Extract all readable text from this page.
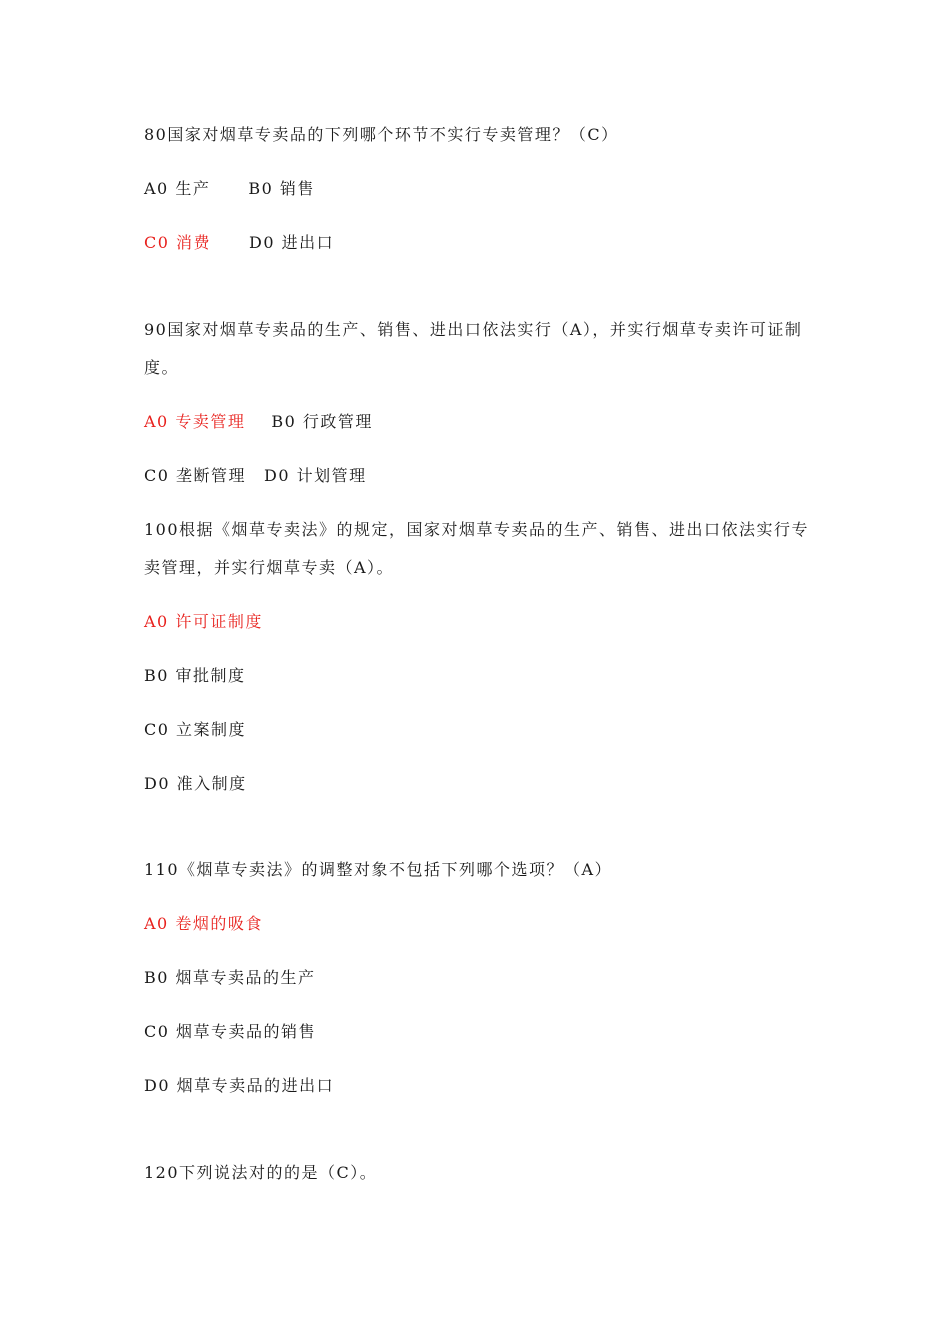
80国家对烟草专卖品的下列哪个环节不实行专卖管理？（C）
A0 生产 B0 销售
C0 消费 D0 进出口
90国家对烟草专卖品的生产、销售、进出口依法实行（A），并实行烟草专卖许可证制
度。
A0 专卖管理 B0 行政管理
C0 垄断管理 D0 计划管理
100根据《烟草专卖法》的规定，国家对烟草专卖品的生产、销售、进出口依法实行专
卖管理，并实行烟草专卖（A）。
A0 许可证制度
B0 审批制度
C0 立案制度
D0 准入制度
110《烟草专卖法》的调整对象不包括下列哪个选项？（A）
A0 卷烟的吸食
B0 烟草专卖品的生产
C0 烟草专卖品的销售
D0 烟草专卖品的进出口
120下列说法对的的是（C）。
